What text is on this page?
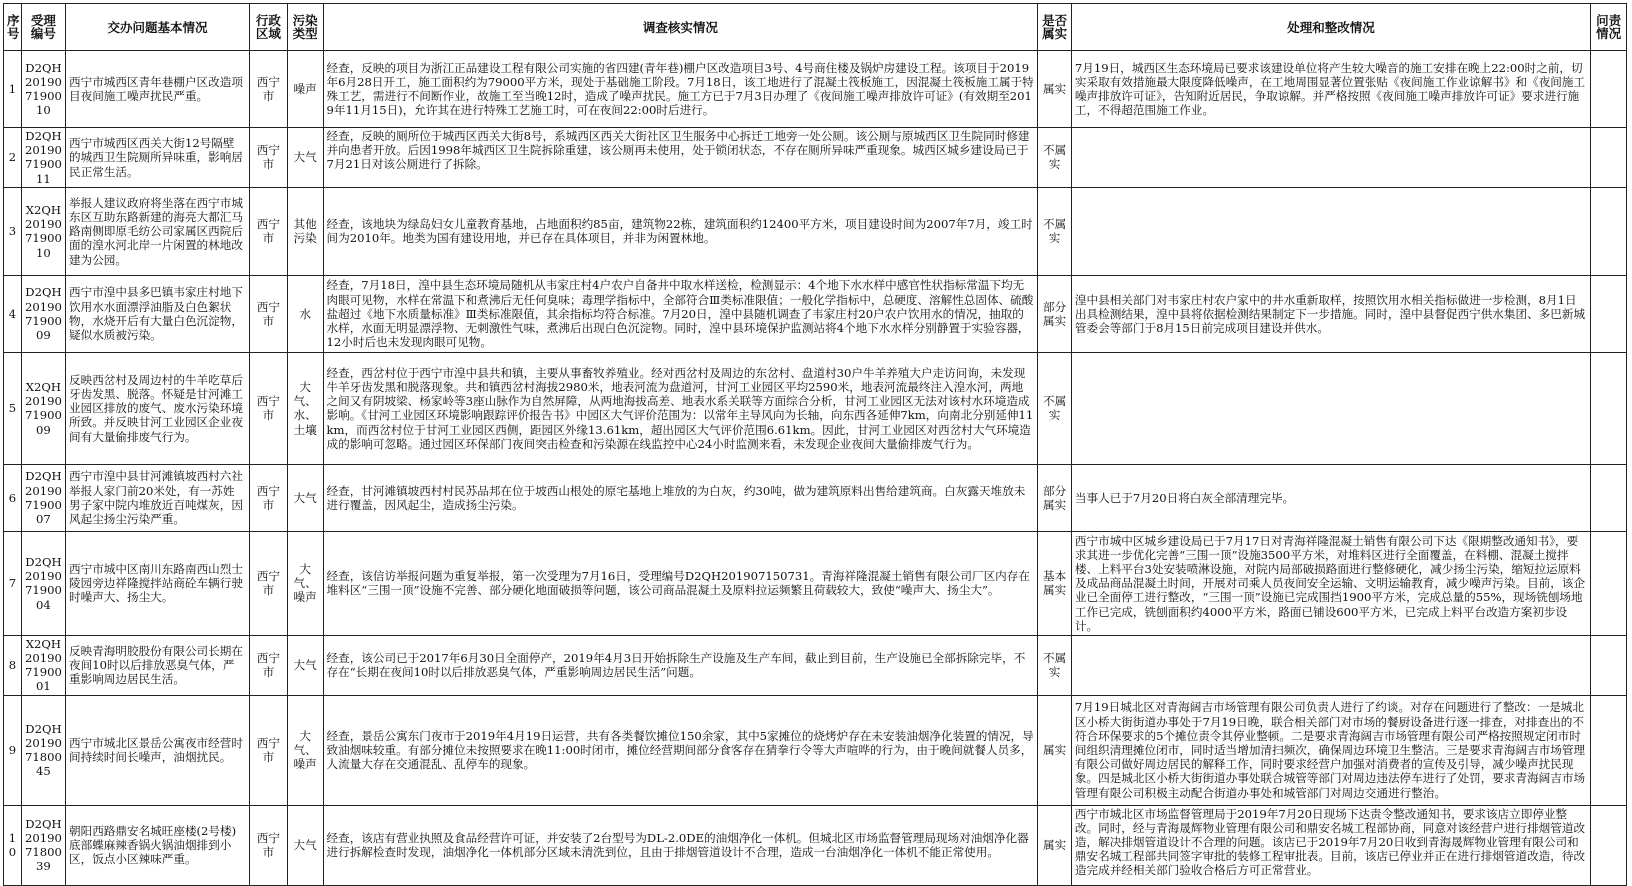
序号	受理编号	交办问题基本情况	行政区域	污染类型	调查核实情况	是否属实	处理和整改情况	问责情况
1	D2QH201907190010	西宁市城西区青年巷棚户区改造项目夜间施工噪声扰民严重。	西宁市	噪声	经查，反映的项目为浙江正品建设工程有限公司实施的省四建(青年巷)棚户区改造项目3号、4号商住楼及锅炉房建设工程。该项目于2019年6月28日开工，施工面积约为79000平方米，现处于基础施工阶段。7月18日，该工地进行了混凝土筏板施工，因混凝土筏板施工属于特殊工艺，需进行不间断作业，故施工至当晚12时，造成了噪声扰民。施工方已于7月3日办理了《夜间施工噪声排放许可证》(有效期至2019年11月15日)，允许其在进行特殊工艺施工时，可在夜间22:00时后进行。	属实	7月19日，城西区生态环境局已要求该建设单位将产生较大噪音的施工安排在晚上22:00时之前，切实采取有效措施最大限度降低噪声，在工地周围显著位置张贴《夜间施工作业谅解书》和《夜间施工噪声排放许可证》，告知附近居民，争取谅解。并严格按照《夜间施工噪声排放许可证》要求进行施工，不得超范围施工作业。	
2	D2QH201907190011	西宁市城西区西关大街12号隔壁的城西卫生院厕所异味重，影响居民正常生活。	西宁市	大气	经查，反映的厕所位于城西区西关大街8号，系城西区西关大街社区卫生服务中心拆迁工地旁一处公厕。该公厕与原城西区卫生院同时修建并向患者开放。后因1998年城西区卫生院拆除重建，该公厕再未使用，处于锁闭状态，不存在厕所异味严重现象。城西区城乡建设局已于7月21日对该公厕进行了拆除。	不属实		
3	X2QH201907190010	举报人建议政府将坐落在西宁市城东区互助东路新建的海亮大都汇马路南侧即原毛纺公司家属区西院后面的湟水河北岸一片闲置的林地改建为公园。	西宁市	其他污染	经查，该地块为绿岛妇女儿童教育基地，占地面积约85亩，建筑物22栋，建筑面积约12400平方米，项目建设时间为2007年7月，竣工时间为2010年。地类为国有建设用地，并已存在具体项目，并非为闲置林地。	不属实		
4	D2QH201907190009	西宁市湟中县多巴镇韦家庄村地下饮用水水面漂浮油脂及白色絮状物，水烧开后有大量白色沉淀物，疑似水质被污染。	西宁市	水	经查，7月18日，湟中县生态环境局随机从韦家庄村4户农户自备井中取水样送检，检测显示：4个地下水水样中感官性状指标常温下均无肉眼可见物，水样在常温下和煮沸后无任何臭味；毒理学指标中，全部符合Ⅲ类标准限值；一般化学指标中，总硬度、溶解性总固体、硫酸盐超过《地下水质量标准》Ⅲ类标准限值，其余指标均符合标准。7月20日，湟中县随机调查了韦家庄村20户农户饮用水的情况，抽取的水样，水面无明显漂浮物、无刺激性气味，煮沸后出现白色沉淀物。同时，湟中县环境保护监测站将4个地下水水样分别静置于实验容器，12小时后也未发现肉眼可见物。	部分属实	湟中县相关部门对韦家庄村农户家中的井水重新取样，按照饮用水相关指标做进一步检测，8月1日出具检测结果，湟中县将依据检测结果制定下一步措施。同时，湟中县督促西宁供水集团、多巴新城管委会等部门于8月15日前完成项目建设并供水。	
5	X2QH201907190009	反映西岔村及周边村的牛羊吃草后牙齿发黑、脱落。怀疑是甘河滩工业园区排放的废气、废水污染环境所致。并反映甘河工业园区企业夜间有大量偷排废气行为。	西宁市	大气、水、土壤	经查，西岔村位于西宁市湟中县共和镇，主要从事畜牧养殖业。经对西岔村及周边的东岔村、盘道村30户牛羊养殖大户走访问询，未发现牛羊牙齿发黑和脱落现象。共和镇西岔村海拔2980米，地表河流为盘道河，甘河工业园区平均2590米，地表河流最终注入湟水河，两地之间又有阴坡梁、杨家岭等3座山脉作为自然屏障，从两地海拔高差、地表水系关联等方面综合分析，甘河工业园区无法对该村水环境造成影响。《甘河工业园区环境影响跟踪评价报告书》中园区大气评价范围为：以常年主导风向为长轴，向东西各延伸7km，向南北分别延伸11km，而西岔村位于甘河工业园区西侧，距园区外缘13.61km，超出园区大气评价范围6.61km。因此，甘河工业园区对西岔村大气环境造成的影响可忽略。通过园区环保部门夜间突击检查和污染源在线监控中心24小时监测来看，未发现企业夜间大量偷排废气行为。	不属实		
6	D2QH201907190007	西宁市湟中县甘河滩镇坡西村六社举报人家门前20米处，有一苏姓男子家中院内堆放近百吨煤灰，因风起尘扬尘污染严重。	西宁市	大气	经查，甘河滩镇坡西村村民苏品邦在位于坡西山根处的原宅基地上堆放的为白灰，约30吨，做为建筑原料出售给建筑商。白灰露天堆放未进行覆盖，因风起尘，造成扬尘污染。	部分属实	当事人已于7月20日将白灰全部清理完毕。	
7	D2QH201907190004	西宁市城中区南川东路南西山烈士陵园旁边祥隆搅拌站商砼车辆行驶时噪声大、扬尘大。	西宁市	大气、噪声	经查，该信访举报问题为重复举报，第一次受理为7月16日，受理编号D2QH201907150731。青海祥隆混凝土销售有限公司厂区内存在堆料区“三围一顶”设施不完善、部分硬化地面破损等问题，该公司商品混凝土及原料拉运频繁且荷载较大，致使“噪声大、扬尘大”。	基本属实	西宁市城中区城乡建设局已于7月17日对青海祥隆混凝土销售有限公司下达《限期整改通知书》，要求其进一步优化完善“三围一顶”设施3500平方米，对堆料区进行全面覆盖，在料棚、混凝土搅拌楼、上料平台3处安装喷淋设施，对院内局部破损路面进行整修硬化，减少扬尘污染，缩短拉运原料及成品商品混凝土时间，开展对司乘人员夜间安全运输、文明运输教育，减少噪声污染。目前，该企业已全面停工进行整改，“三围一顶”设施已完成围挡1900平方米，完成总量的55%，现场铣刨场地工作已完成，铣刨面积约4000平方米，路面已铺设600平方米，已完成上料平台改造方案初步设计。	
8	X2QH201907190001	反映青海明胶股份有限公司长期在夜间10时以后排放恶臭气体，严重影响周边居民生活。	西宁市	大气	经查，该公司已于2017年6月30日全面停产，2019年4月3日开始拆除生产设施及生产车间，截止到目前，生产设施已全部拆除完毕，不存在“长期在夜间10时以后排放恶臭气体，严重影响周边居民生活”问题。	不属实		
9	D2QH201907180045	西宁市城北区景岳公寓夜市经营时间持续时间长噪声，油烟扰民。	西宁市	大气、噪声	经查，景岳公寓东门夜市于2019年4月19日运营，共有各类餐饮摊位150余家，其中5家摊位的烧烤炉存在未安装油烟净化装置的情况，导致油烟味较重。有部分摊位未按照要求在晚11:00时闭市，摊位经营期间部分食客存在猜拳行令等大声喧哗的行为，由于晚间就餐人员多，人流量大存在交通混乱、乱停车的现象。	属实	7月19日城北区对青海阔吉市场管理有限公司负责人进行了约谈。对存在问题进行了整改：一是城北区小桥大街街道办事处于7月19日晚，联合相关部门对市场的餐厨设备进行逐一排查，对排查出的不符合环保要求的5个摊位责令其停业整顿。二是要求青海阔吉市场管理有限公司严格按照规定闭市时间组织清理摊位闭市，同时适当增加清扫频次，确保周边环境卫生整洁。三是要求青海阔吉市场管理有限公司做好周边居民的解释工作，同时要求经营户加强对消费者的宣传及引导，减少噪声扰民现象。四是城北区小桥大街街道办事处联合城管等部门对周边违法停车进行了处罚，要求青海阔吉市场管理有限公司积极主动配合街道办事处和城管部门对周边交通进行整治。	
10	D2QH201907180039	朝阳西路鼎安名城旺座楼(2号楼)底部蝶麻辣香锅火锅油烟排到小区，饭点小区辣味严重。	西宁市	大气	经查，该店有营业执照及食品经营许可证，并安装了2台型号为DL-2.0DE的油烟净化一体机。但城北区市场监督管理局现场对油烟净化器进行拆解检查时发现，油烟净化一体机部分区域未清洗到位，且由于排烟管道设计不合理，造成一台油烟净化一体机不能正常使用。	属实	西宁市城北区市场监督管理局于2019年7月20日现场下达责令整改通知书，要求该店立即停业整改。同时，经与青海晟辉物业管理有限公司和鼎安名城工程部协商，同意对该经营户进行排烟管道改造，解决排烟管道设计不合理的问题。该店已于2019年7月20日收到青海晟辉物业管理有限公司和鼎安名城工程部共同签字审批的装修工程审批表。目前，该店已停业并正在进行排烟管道改造，待改造完成并经相关部门验收合格后方可正常营业。	
